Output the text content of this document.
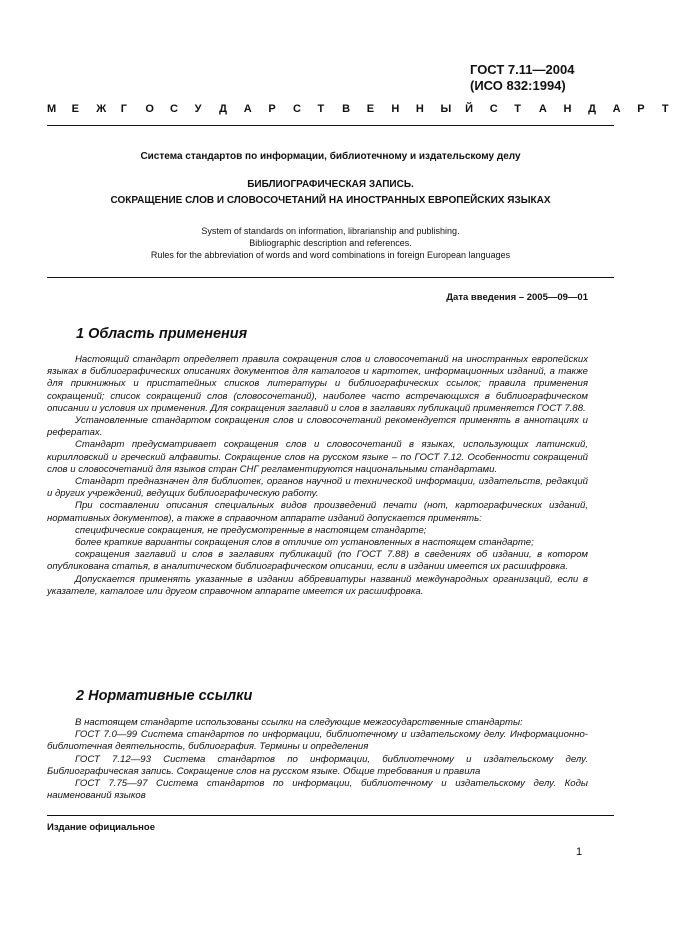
ГОСТ 7.11—2004
(ИСО 832:1994)
М	Е	Ж	Г	О	С	У	Д	А	Р	С	Т	В	Е	Н	Н	Ы	Й	С	Т	А	Н	Д	А	Р	Т
Система стандартов по информации, библиотечному и издательскому делу
БИБЛИОГРАФИЧЕСКАЯ ЗАПИСЬ.
СОКРАЩЕНИЕ СЛОВ И СЛОВОСОЧЕТАНИЙ НА ИНОСТРАННЫХ ЕВРОПЕЙСКИХ ЯЗЫКАХ
System of standards on information, librarianship and publishing.
Bibliographic description and references.
Rules for the abbreviation of words and word combinations in foreign European languages
Дата введения – 2005—09—01
1 Область применения

Настоящий стандарт определяет правила сокращения слов и словосочетаний на иностранных европейских языках в библиографических описаниях документов для каталогов и картотек, информационных изданий, а также для прикнижных и пристатейных списков литературы и библиографических ссылок; правила применения сокращений; список сокращений слов (словосочетаний), наиболее часто встречающихся в библиографическом описании и условия их применения. Для сокращения заглавий и слов в заглавиях публикаций применяется ГОСТ 7.88.

Установленные стандартом сокращения слов и словосочетаний рекомендуется применять в аннотациях и рефератах.

Стандарт предусматривает сокращения слов и словосочетаний в языках, использующих латинский, кирилловский и греческий алфавиты. Сокращение слов на русском языке – по ГОСТ 7.12. Особенности сокращений слов и словосочетаний для языков стран СНГ регламентируются национальными стандартами.

Стандарт предназначен для библиотек, органов научной и технической информации, издательств, редакций и других учреждений, ведущих библиографическую работу.

При составлении описания специальных видов произведений печати (нот, картографических изданий, нормативных документов), а также в справочном аппарате изданий допускается применять:

специфические сокращения, не предусмотренные в настоящем стандарте;

более краткие варианты сокращения слов в отличие от установленных в настоящем стандарте;

сокращения заглавий и слов в заглавиях публикаций (по ГОСТ 7.88) в сведениях об издании, в котором опубликована статья, в аналитическом библиографическом описании, если в издании имеется их расшифровка.

Допускается применять указанные в издании аббревиатуры названий международных организаций, если в указателе, каталоге или другом справочном аппарате имеется их расшифровка.

2 Нормативные ссылки

В настоящем стандарте использованы ссылки на следующие межгосударственные стандарты:

ГОСТ 7.0—99 Система стандартов по информации, библиотечному и издательскому делу. Информационно-библиотечная деятельность, библиография. Термины и определения

ГОСТ 7.12—93 Система стандартов по информации, библиотечному и издательскому делу. Библиографическая запись. Сокращение слов на русском языке. Общие требования и правила

ГОСТ 7.75—97 Система стандартов по информации, библиотечному и издательскому делу. Коды наименований языков

Издание официальное
1
